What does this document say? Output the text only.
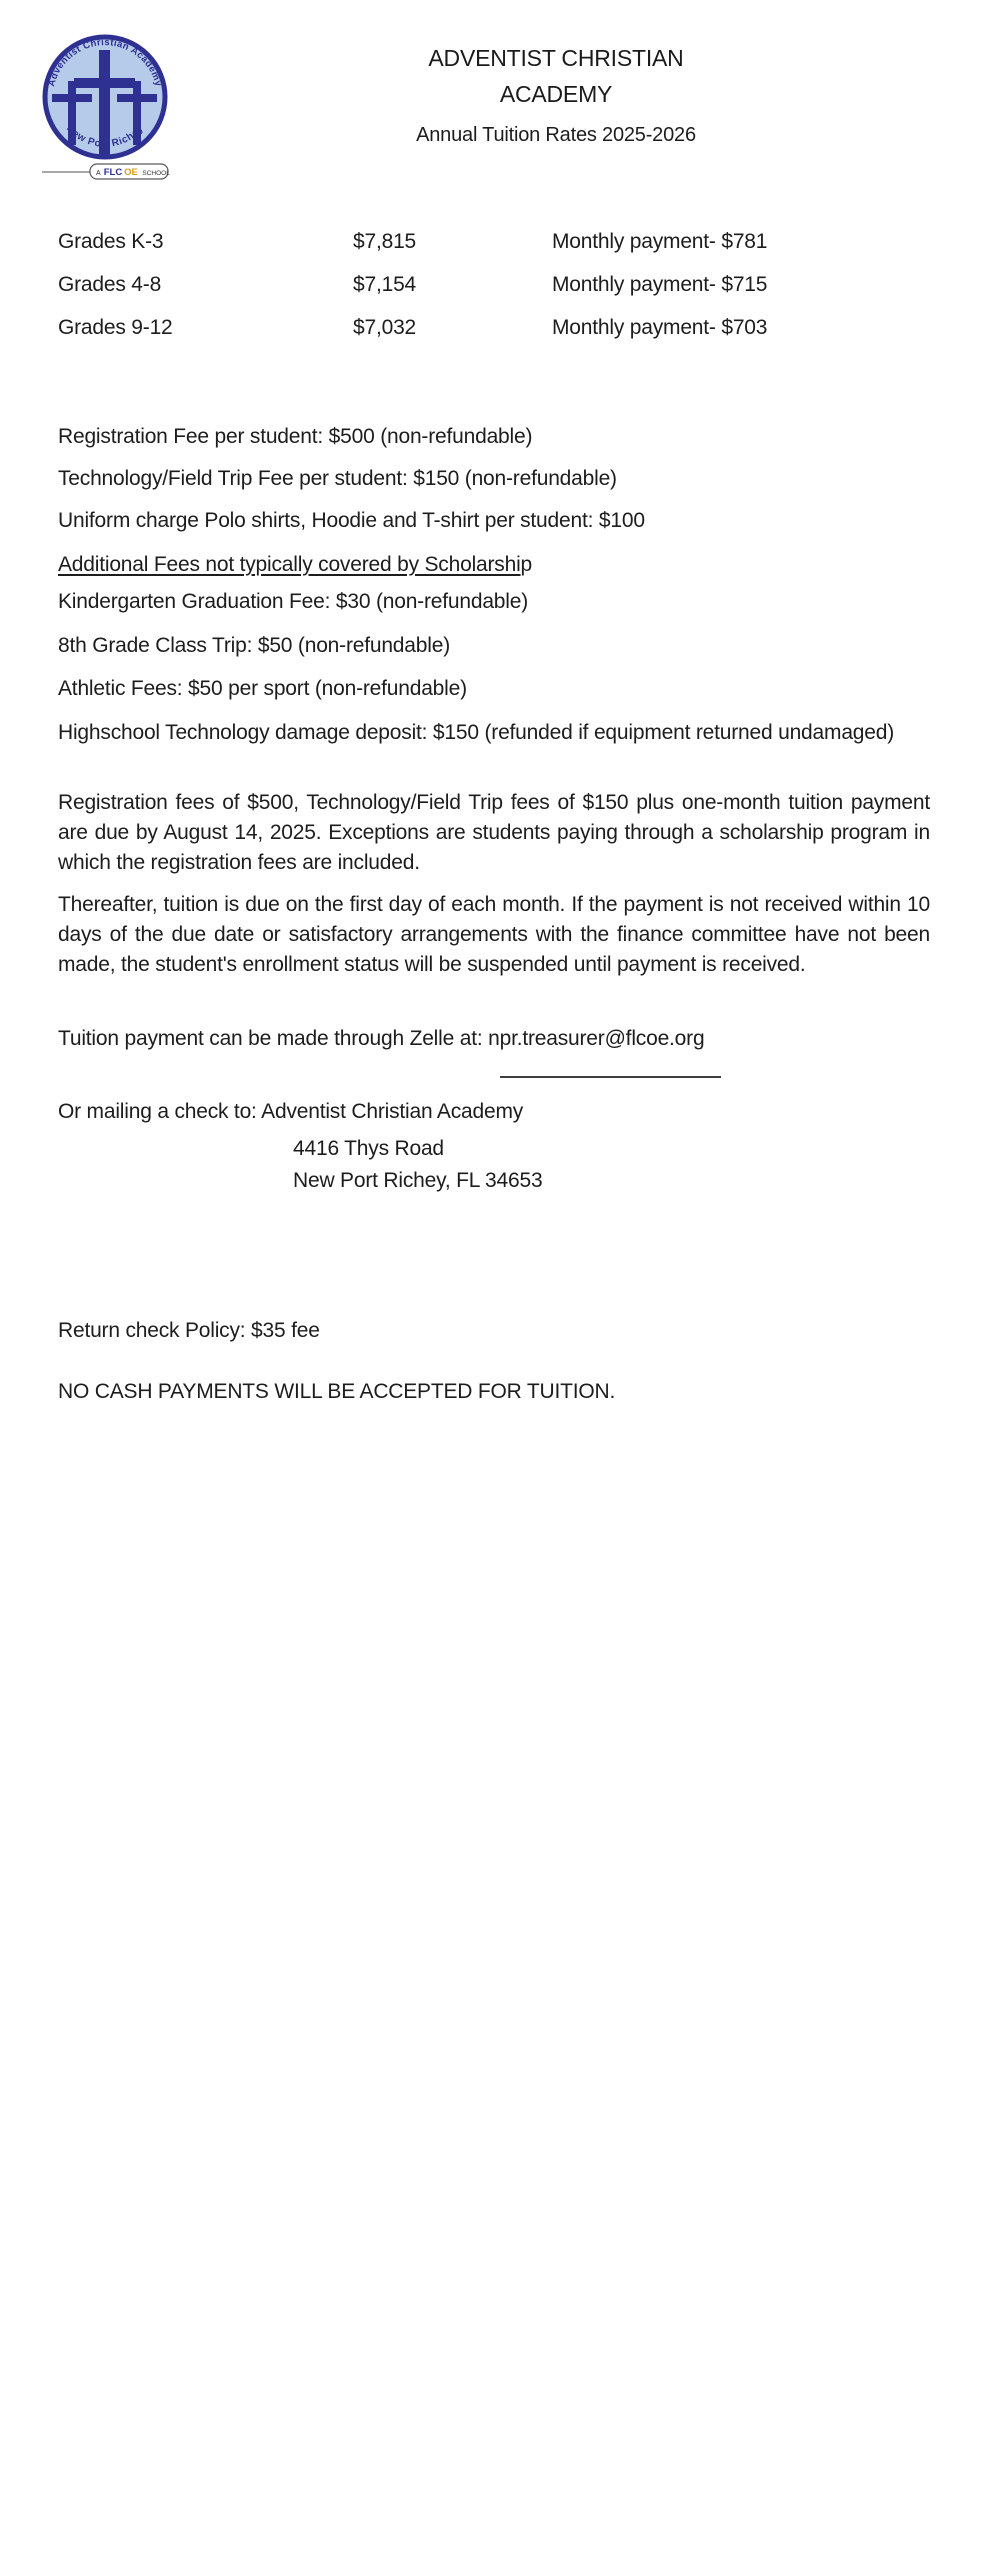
Adventist Christian Academy
New Port Richey
A FLC OE SCHOOL
ADVENTIST CHRISTIAN
ACADEMY
Annual Tuition Rates 2025-2026
Grades K-3	$7,815	Monthly payment- $781
Grades 4-8	$7,154	Monthly payment- $715
Grades 9-12	$7,032	Monthly payment- $703
Registration Fee per student: $500 (non-refundable)
Technology/Field Trip Fee per student: $150 (non-refundable)
Uniform charge Polo shirts, Hoodie and T-shirt per student: $100
Additional Fees not typically covered by Scholarship
Kindergarten Graduation Fee: $30 (non-refundable)
8th Grade Class Trip: $50 (non-refundable)
Athletic Fees: $50 per sport (non-refundable)
Highschool Technology damage deposit: $150 (refunded if equipment returned undamaged)
Registration fees of $500, Technology/Field Trip fees of $150 plus one-month tuition payment are due by August 14, 2025. Exceptions are students paying through a scholarship program in which the registration fees are included.
Thereafter, tuition is due on the first day of each month. If the payment is not received within 10 days of the due date or satisfactory arrangements with the finance committee have not been made, the student's enrollment status will be suspended until payment is received.
Tuition payment can be made through Zelle at: npr.treasurer@flcoe.org
Or mailing a check to: Adventist Christian Academy
4416 Thys Road
New Port Richey, FL 34653
Return check Policy: $35 fee
NO CASH PAYMENTS WILL BE ACCEPTED FOR TUITION.
